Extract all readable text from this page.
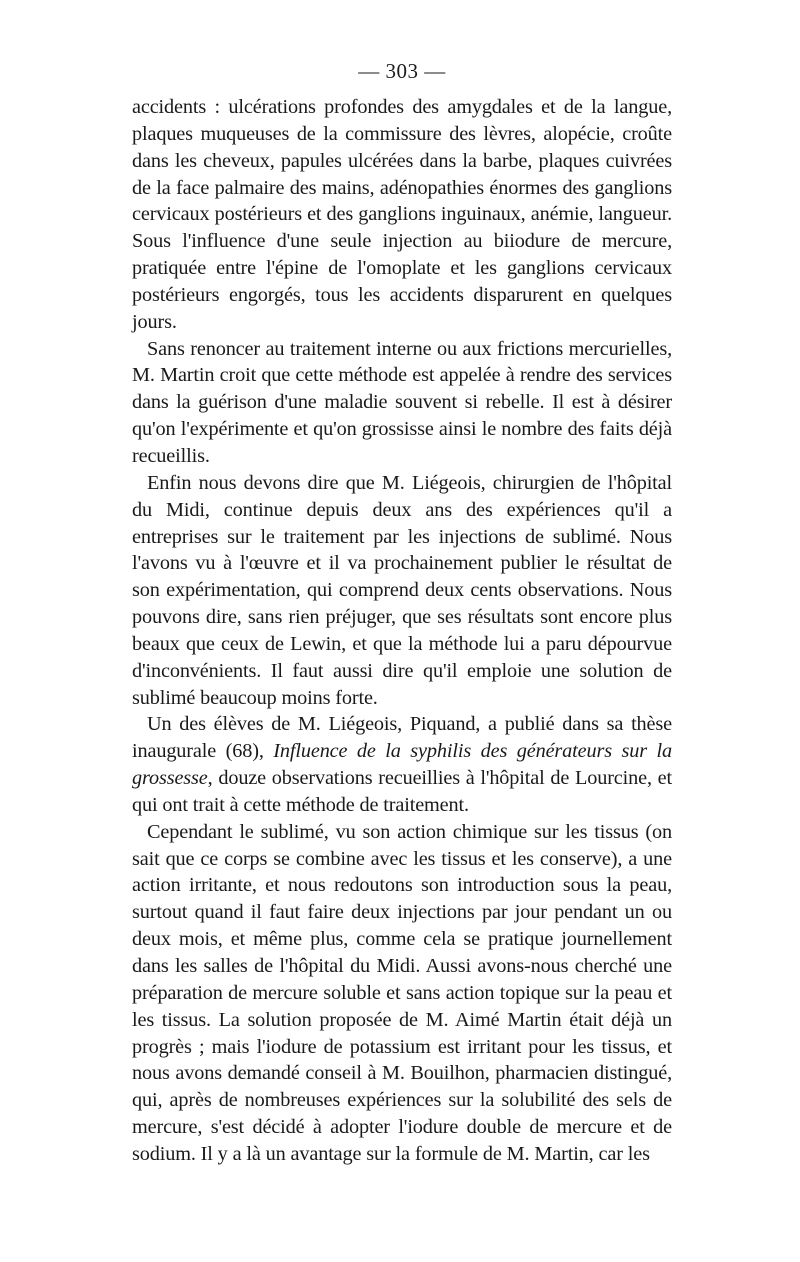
— 303 —

accidents : ulcérations profondes des amygdales et de la langue, plaques muqueuses de la commissure des lèvres, alopécie, croûte dans les cheveux, papules ulcérées dans la barbe, plaques cuivrées de la face palmaire des mains, adénopathies énormes des ganglions cervicaux postérieurs et des ganglions inguinaux, anémie, langueur. Sous l'influence d'une seule injection au biiodure de mercure, pratiquée entre l'épine de l'omoplate et les ganglions cervicaux postérieurs engorgés, tous les accidents disparurent en quelques jours.

Sans renoncer au traitement interne ou aux frictions mercurielles, M. Martin croit que cette méthode est appelée à rendre des services dans la guérison d'une maladie souvent si rebelle. Il est à désirer qu'on l'expérimente et qu'on grossisse ainsi le nombre des faits déjà recueillis.

Enfin nous devons dire que M. Liégeois, chirurgien de l'hôpital du Midi, continue depuis deux ans des expériences qu'il a entreprises sur le traitement par les injections de sublimé. Nous l'avons vu à l'œuvre et il va prochainement publier le résultat de son expérimentation, qui comprend deux cents observations. Nous pouvons dire, sans rien préjuger, que ses résultats sont encore plus beaux que ceux de Lewin, et que la méthode lui a paru dépourvue d'inconvénients. Il faut aussi dire qu'il emploie une solution de sublimé beaucoup moins forte.

Un des élèves de M. Liégeois, Piquand, a publié dans sa thèse inaugurale (68), Influence de la syphilis des générateurs sur la grossesse, douze observations recueillies à l'hôpital de Lourcine, et qui ont trait à cette méthode de traitement.

Cependant le sublimé, vu son action chimique sur les tissus (on sait que ce corps se combine avec les tissus et les conserve), a une action irritante, et nous redoutons son introduction sous la peau, surtout quand il faut faire deux injections par jour pendant un ou deux mois, et même plus, comme cela se pratique journellement dans les salles de l'hôpital du Midi. Aussi avons-nous cherché une préparation de mercure soluble et sans action topique sur la peau et les tissus. La solution proposée de M. Aimé Martin était déjà un progrès ; mais l'iodure de potassium est irritant pour les tissus, et nous avons demandé conseil à M. Bouilhon, pharmacien distingué, qui, après de nombreuses expériences sur la solubilité des sels de mercure, s'est décidé à adopter l'iodure double de mercure et de sodium. Il y a là un avantage sur la formule de M. Martin, car les
